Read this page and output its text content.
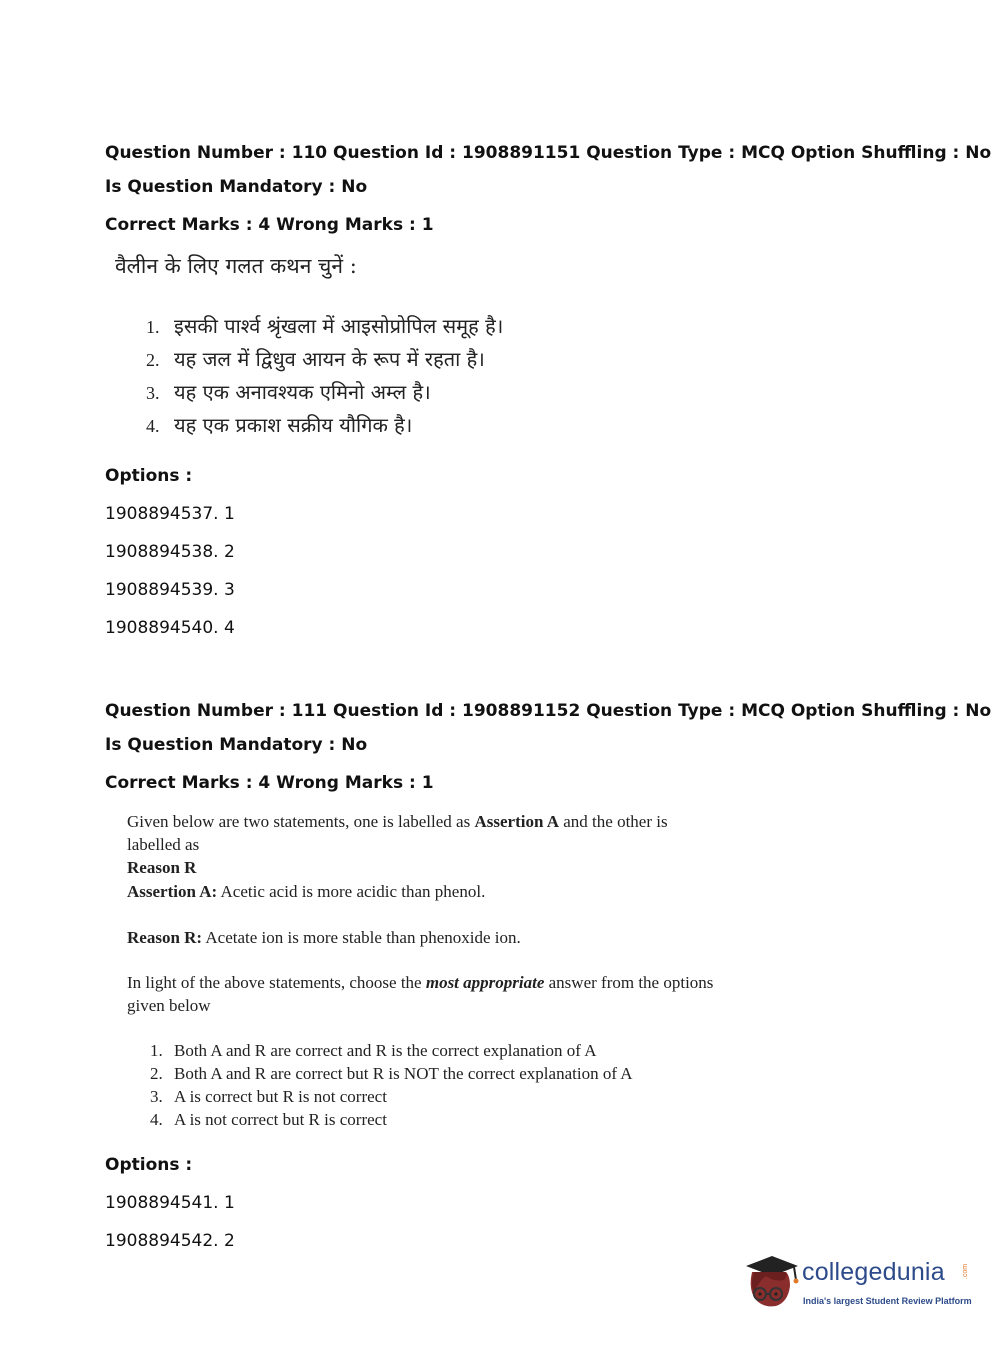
Question Number : 110 Question Id : 1908891151 Question Type : MCQ Option Shuffling : No
Is Question Mandatory : No
Correct Marks : 4 Wrong Marks : 1
वैलीन के लिए गलत कथन चुनें :
1. इसकी पार्श्व श्रृंखला में आइसोप्रोपिल समूह है।
2. यह जल में द्विधुव आयन के रूप में रहता है।
3. यह एक अनावश्यक एमिनो अम्ल है।
4. यह एक प्रकाश सक्रीय यौगिक है।
Options :
1908894537. 1
1908894538. 2
1908894539. 3
1908894540. 4
Question Number : 111 Question Id : 1908891152 Question Type : MCQ Option Shuffling : No
Is Question Mandatory : No
Correct Marks : 4 Wrong Marks : 1
Given below are two statements, one is labelled as Assertion A and the other is labelled as
Reason R
Assertion A: Acetic acid is more acidic than phenol.
Reason R: Acetate ion is more stable than phenoxide ion.
In light of the above statements, choose the most appropriate answer from the options given below
1. Both A and R are correct and R is the correct explanation of A
2. Both A and R are correct but R is NOT the correct explanation of A
3. A is correct but R is not correct
4. A is not correct but R is correct
Options :
1908894541. 1
1908894542. 2
collegedunia .com
India's largest Student Review Platform
